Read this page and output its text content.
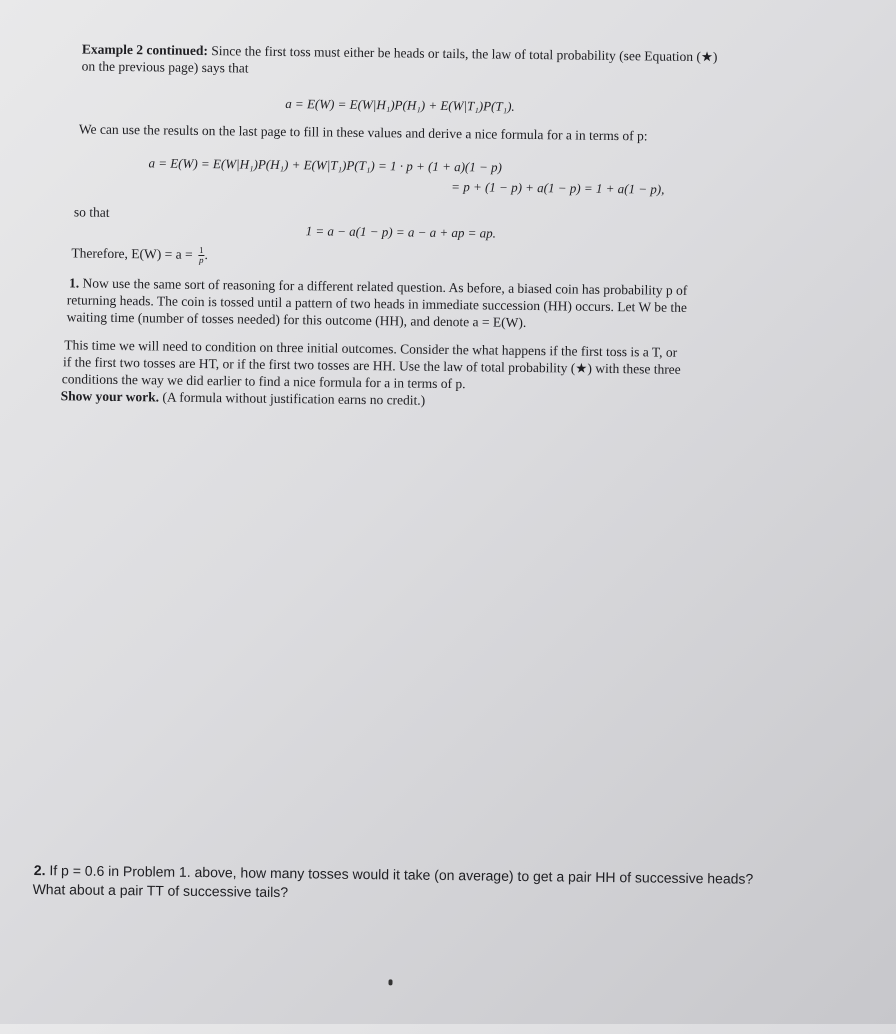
Example 2 continued: Since the first toss must either be heads or tails, the law of total probability (see Equation (★)
on the previous page) says that
a = E(W) = E(W|H₁)P(H₁) + E(W|T₁)P(T₁).
We can use the results on the last page to fill in these values and derive a nice formula for a in terms of p:
a = E(W) = E(W|H₁)P(H₁) + E(W|T₁)P(T₁) = 1 · p + (1 + a)(1 − p)
= p + (1 − p) + a(1 − p) = 1 + a(1 − p),
so that
1 = a − a(1 − p) = a − a + ap = ap.
Therefore, $E(W) = a = \frac{1}{p}$ .
1. Now use the same sort of reasoning for a different related question. As before, a biased coin has probability p of
returning heads. The coin is tossed until a pattern of two heads in immediate succession (HH) occurs. Let W be the
waiting time (number of tosses needed) for this outcome (HH), and denote a = E(W).
This time we will need to condition on three initial outcomes. Consider the what happens if the first toss is a T, or
if the first two tosses are HT, or if the first two tosses are HH. Use the law of total probability (★) with these three
conditions the way we did earlier to find a nice formula for a in terms of p.
Show your work. (A formula without justification earns no credit.)
2. If p = 0.6 in Problem 1. above, how many tosses would it take (on average) to get a pair HH of successive heads?
What about a pair TT of successive tails?
